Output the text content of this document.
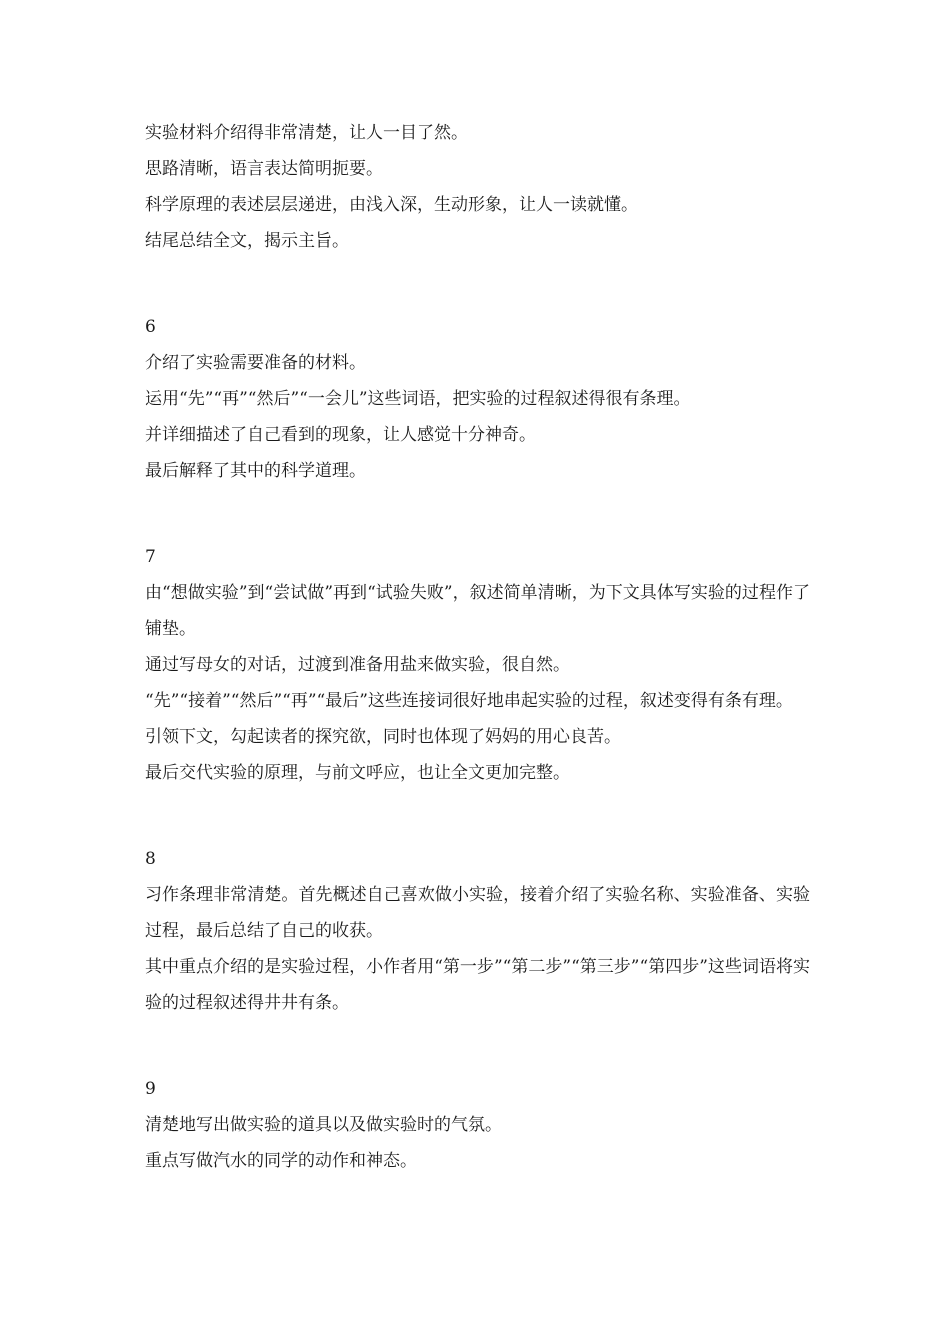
实验材料介绍得非常清楚，让人一目了然。

思路清晰，语言表达简明扼要。

科学原理的表述层层递进，由浅入深，生动形象，让人一读就懂。

结尾总结全文，揭示主旨。

6

介绍了实验需要准备的材料。

运用“先”“再”“然后”“一会儿”这些词语，把实验的过程叙述得很有条理。

并详细描述了自己看到的现象，让人感觉十分神奇。

最后解释了其中的科学道理。

7

由“想做实验”到“尝试做”再到“试验失败”，叙述简单清晰，为下文具体写实验的过程作了铺垫。

通过写母女的对话，过渡到准备用盐来做实验，很自然。

“先”“接着”“然后”“再”“最后”这些连接词很好地串起实验的过程，叙述变得有条有理。

引领下文，勾起读者的探究欲，同时也体现了妈妈的用心良苦。

最后交代实验的原理，与前文呼应，也让全文更加完整。

8

习作条理非常清楚。首先概述自己喜欢做小实验，接着介绍了实验名称、实验准备、实验过程，最后总结了自己的收获。

其中重点介绍的是实验过程，小作者用“第一步”“第二步”“第三步”“第四步”这些词语将实验的过程叙述得井井有条。

9

清楚地写出做实验的道具以及做实验时的气氛。

重点写做汽水的同学的动作和神态。
